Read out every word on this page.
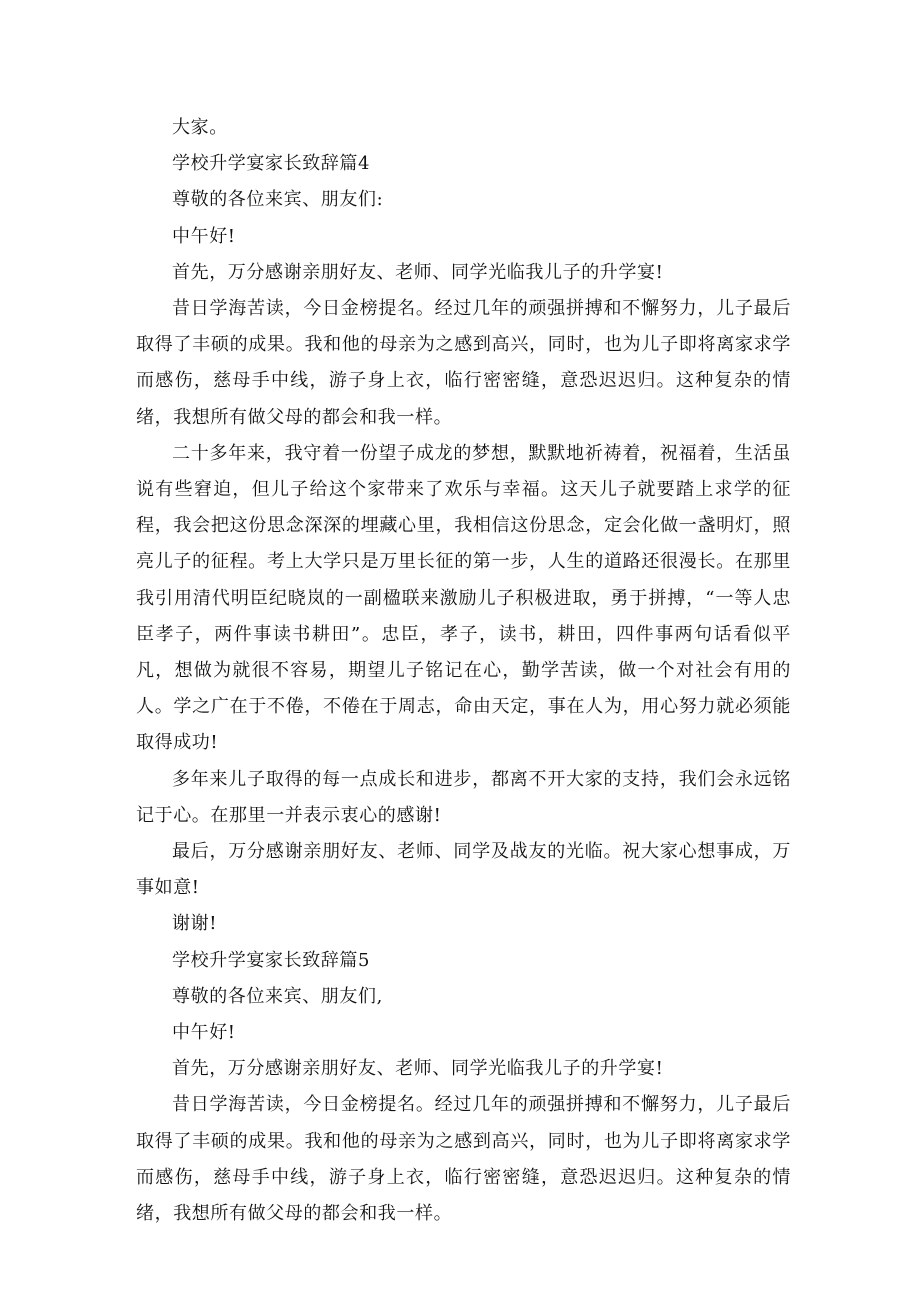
大家。

学校升学宴家长致辞篇4

尊敬的各位来宾、朋友们:

中午好!

首先，万分感谢亲朋好友、老师、同学光临我儿子的升学宴!

昔日学海苦读，今日金榜提名。经过几年的顽强拼搏和不懈努力，儿子最后取得了丰硕的成果。我和他的母亲为之感到高兴，同时，也为儿子即将离家求学而感伤，慈母手中线，游子身上衣，临行密密缝，意恐迟迟归。这种复杂的情绪，我想所有做父母的都会和我一样。

二十多年来，我守着一份望子成龙的梦想，默默地祈祷着，祝福着，生活虽说有些窘迫，但儿子给这个家带来了欢乐与幸福。这天儿子就要踏上求学的征程，我会把这份思念深深的埋藏心里，我相信这份思念，定会化做一盏明灯，照亮儿子的征程。考上大学只是万里长征的第一步，人生的道路还很漫长。在那里我引用清代明臣纪晓岚的一副楹联来激励儿子积极进取，勇于拼搏，“一等人忠臣孝子，两件事读书耕田”。忠臣，孝子，读书，耕田，四件事两句话看似平凡，想做为就很不容易，期望儿子铭记在心，勤学苦读，做一个对社会有用的人。学之广在于不倦，不倦在于周志，命由天定，事在人为，用心努力就必须能取得成功!

多年来儿子取得的每一点成长和进步，都离不开大家的支持，我们会永远铭记于心。在那里一并表示衷心的感谢!

最后，万分感谢亲朋好友、老师、同学及战友的光临。祝大家心想事成，万事如意!

谢谢!

学校升学宴家长致辞篇5

尊敬的各位来宾、朋友们,

中午好!

首先，万分感谢亲朋好友、老师、同学光临我儿子的升学宴!

昔日学海苦读，今日金榜提名。经过几年的顽强拼搏和不懈努力，儿子最后取得了丰硕的成果。我和他的母亲为之感到高兴，同时，也为儿子即将离家求学而感伤，慈母手中线，游子身上衣，临行密密缝，意恐迟迟归。这种复杂的情绪，我想所有做父母的都会和我一样。
